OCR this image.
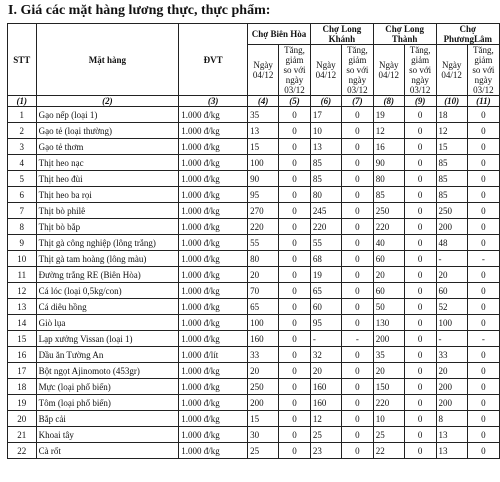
I. Giá các mặt hàng lương thực, thực phẩm:
STT	Mặt hàng	ĐVT	Chợ Biên Hòa		Chợ Long Khánh		Chợ Long Thành		Chợ PhươngLâm	
			Ngày 04/12	Tăng, giảm so với ngày 03/12	Ngày 04/12	Tăng, giảm so với ngày 03/12	Ngày 04/12	Tăng, giảm so với ngày 03/12	Ngày 04/12	Tăng, giảm so với ngày 03/12
(1)	(2)	(3)	(4)	(5)	(6)	(7)	(8)	(9)	(10)	(11)
1	Gạo nếp (loại 1)	1.000 đ/kg	35	0	17	0	19	0	18	0
2	Gạo tẻ (loại thường)	1.000 đ/kg	13	0	10	0	12	0	12	0
3	Gạo tẻ thơm	1.000 đ/kg	15	0	13	0	16	0	15	0
4	Thịt heo nạc	1.000 đ/kg	100	0	85	0	90	0	85	0
5	Thịt heo đùi	1.000 đ/kg	90	0	85	0	80	0	85	0
6	Thịt heo ba rọi	1.000 đ/kg	95	0	80	0	85	0	85	0
7	Thịt bò philê	1.000 đ/kg	270	0	245	0	250	0	250	0
8	Thịt bò bắp	1.000 đ/kg	220	0	220	0	220	0	200	0
9	Thịt gà công nghiệp (lông trắng)	1.000 đ/kg	55	0	55	0	40	0	48	0
10	Thịt gà tam hoàng (lông màu)	1.000 đ/kg	80	0	68	0	60	0	-	-
11	Đường trắng RE (Biên Hòa)	1.000 đ/kg	20	0	19	0	20	0	20	0
12	Cá lóc (loại 0,5kg/con)	1.000 đ/kg	70	0	65	0	60	0	60	0
13	Cá diêu hồng	1.000 đ/kg	65	0	60	0	50	0	52	0
14	Giò lụa	1.000 đ/kg	100	0	95	0	130	0	100	0
15	Lạp xưởng Vissan (loại 1)	1.000 đ/kg	160	0	-	-	200	0	-	-
16	Dầu ăn Tường An	1.000 đ/lít	33	0	32	0	35	0	33	0
17	Bột ngọt Ajinomoto (453gr)	1.000 đ/kg	20	0	20	0	20	0	20	0
18	Mực (loại phổ biến)	1.000 đ/kg	250	0	160	0	150	0	200	0
19	Tôm (loại phổ biến)	1.000 đ/kg	200	0	160	0	220	0	200	0
20	Bắp cải	1.000 đ/kg	15	0	12	0	10	0	8	0
21	Khoai tây	1.000 đ/kg	30	0	25	0	25	0	13	0
22	Cà rốt	1.000 đ/kg	25	0	23	0	22	0	13	0
